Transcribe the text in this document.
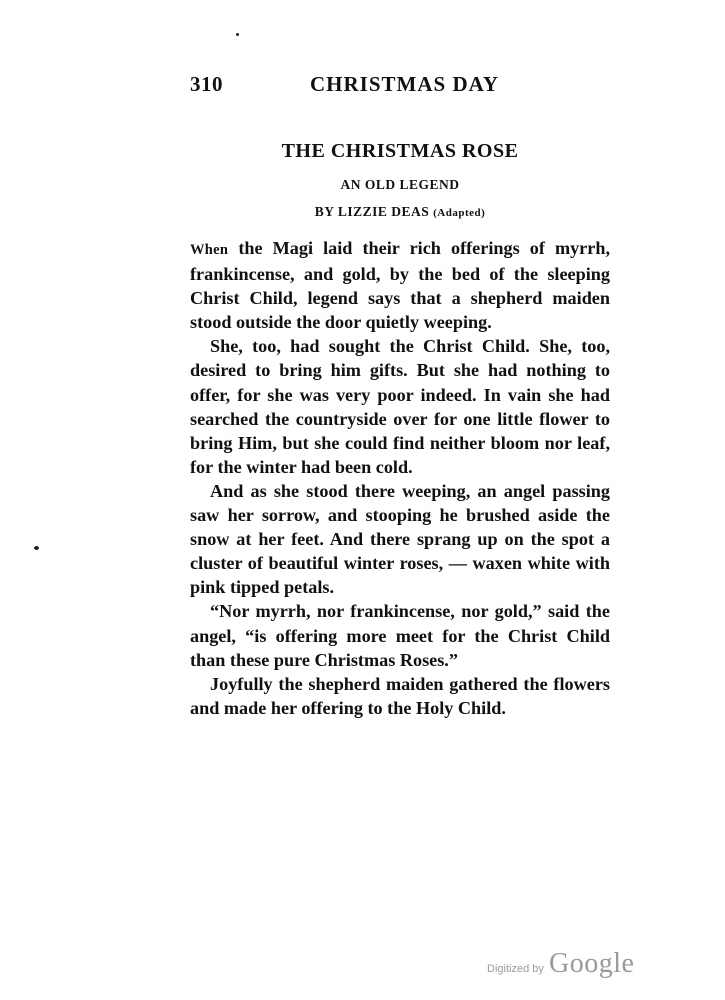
310	CHRISTMAS DAY
THE CHRISTMAS ROSE
AN OLD LEGEND
BY LIZZIE DEAS (Adapted)

When the Magi laid their rich offerings of myrrh, frankincense, and gold, by the bed of the sleeping Christ Child, legend says that a shepherd maiden stood outside the door quietly weeping.

She, too, had sought the Christ Child. She, too, desired to bring him gifts. But she had nothing to offer, for she was very poor indeed. In vain she had searched the countryside over for one little flower to bring Him, but she could find neither bloom nor leaf, for the winter had been cold.

And as she stood there weeping, an angel passing saw her sorrow, and stooping he brushed aside the snow at her feet. And there sprang up on the spot a cluster of beautiful winter roses, — waxen white with pink tipped petals.

“Nor myrrh, nor frankincense, nor gold,” said the angel, “is offering more meet for the Christ Child than these pure Christmas Roses.”

Joyfully the shepherd maiden gathered the flowers and made her offering to the Holy Child.

Digitized by Google
